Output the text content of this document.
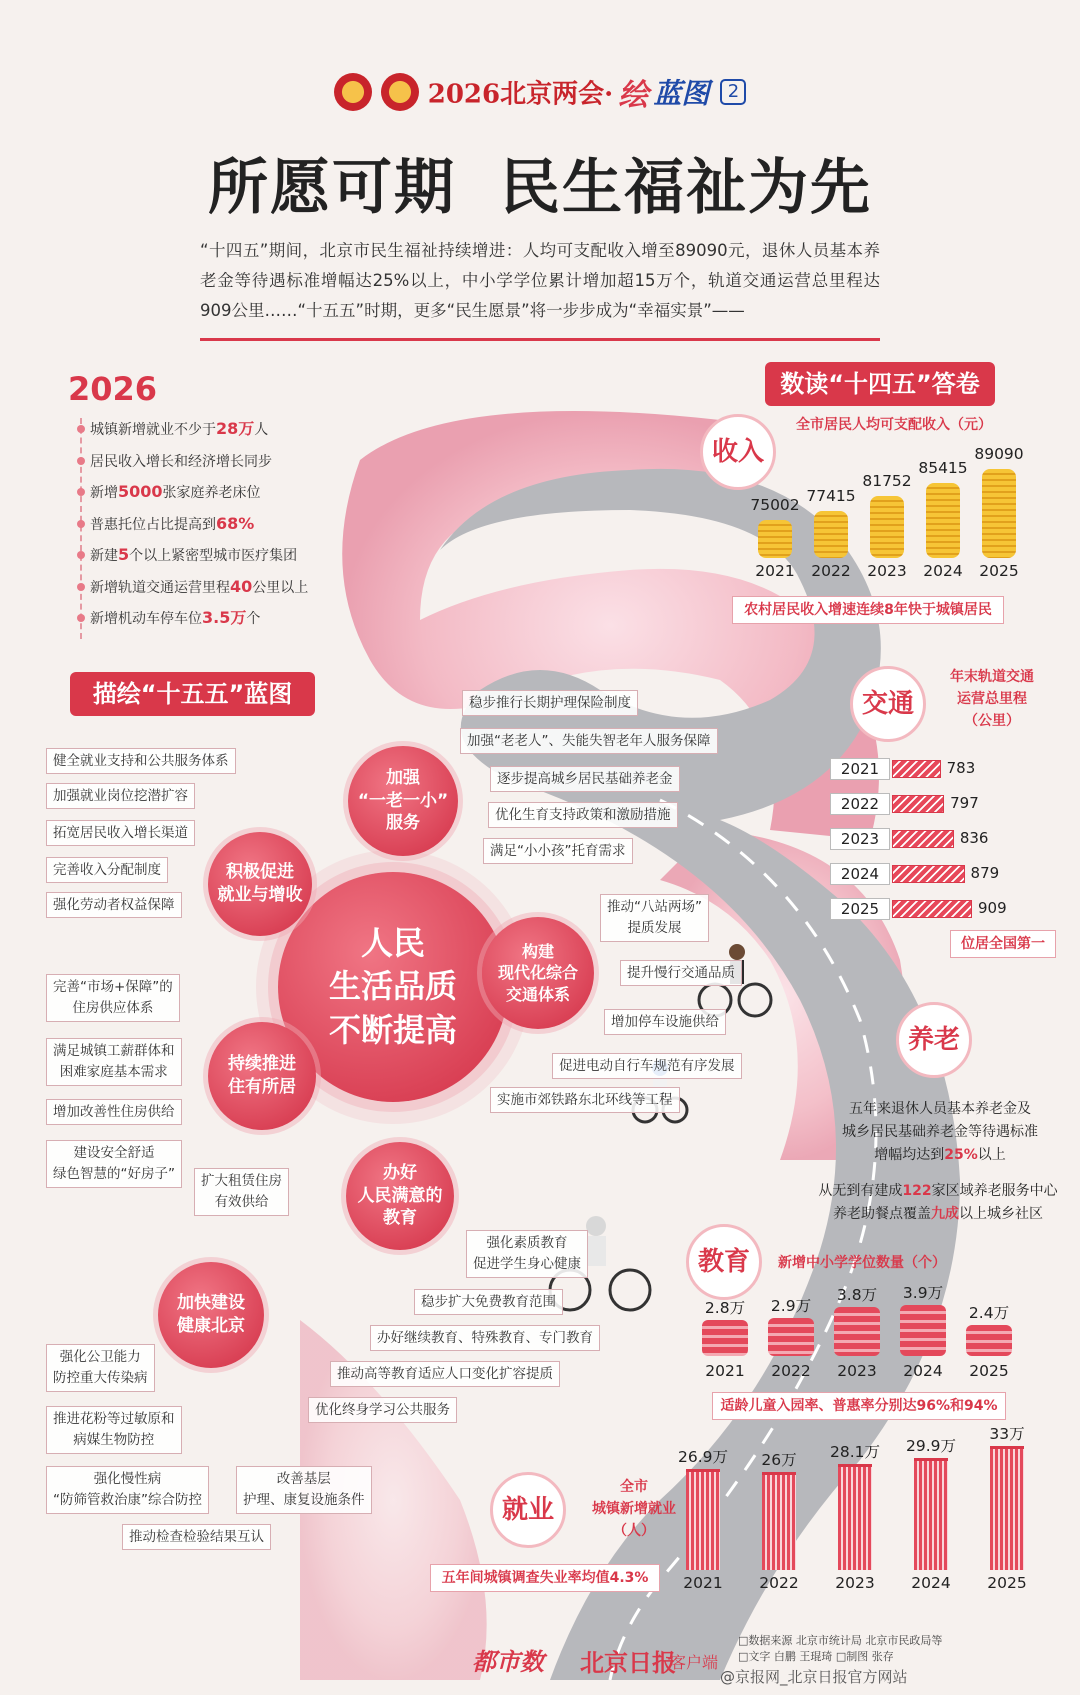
2026北京两会· 绘 蓝图 2
所愿可期 民生福祉为先
“十四五”期间，北京市民生福祉持续增进：人均可支配收入增至89090元，退休人员基本养老金等待遇标准增幅达25%以上，中小学学位累计增加超15万个，轨道交通运营总里程达909公里……“十五五”时期，更多“民生愿景”将一步步成为“幸福实景”——
2026
城镇新增就业不少于28万人
居民收入增长和经济增长同步
新增5000张家庭养老床位
普惠托位占比提高到68%
新建5个以上紧密型城市医疗集团
新增轨道交通运营里程40公里以上
新增机动车停车位3.5万个
描绘“十五五”蓝图
数读“十四五”答卷
人民
生活品质
不断提高
加强
“一老一小”
服务
积极促进
就业与增收
构建
现代化综合
交通体系
持续推进
住有所居
办好
人民满意的
教育
加快建设
健康北京
稳步推行长期护理保险制度
加强“老老人”、失能失智老年人服务保障
逐步提高城乡居民基础养老金
优化生育支持政策和激励措施
满足“小小孩”托育需求
健全就业支持和公共服务体系
加强就业岗位挖潜扩容
拓宽居民收入增长渠道
完善收入分配制度
强化劳动者权益保障	推动“八站两场”
提质发展
提升慢行交通品质
增加停车设施供给
促进电动自行车规范有序发展
实施市郊铁路东北环线等工程
完善“市场+保障”的
住房供应体系
满足城镇工薪群体和
困难家庭基本需求
增加改善性住房供给
建设安全舒适
绿色智慧的“好房子”	扩大租赁住房
有效供给
强化素质教育
促进学生身心健康
稳步扩大免费教育范围
办好继续教育、特殊教育、专门教育
推动高等教育适应人口变化扩容提质
优化终身学习公共服务
强化公卫能力
防控重大传染病
推进花粉等过敏原和
病媒生物防控
强化慢性病
“防筛管救治康”综合防控
改善基层
护理、康复设施条件
推动检查检验结果互认
收入
全市居民人均可支配收入（元）
75002
2021
77415
2022
81752
2023
85415
2024
89090
2025
农村居民收入增速连续8年快于城镇居民
交通
年末轨道交通
运营总里程
（公里）
2021	783
2022	797
2023	836
2024	879
2025	909
位居全国第一
养老
五年来退休人员基本养老金及
城乡居民基础养老金等待遇标准
增幅均达到25%以上
从无到有建成122家区域养老服务中心
养老助餐点覆盖九成以上城乡社区
教育	新增中小学学位数量（个）
2.8万
2021
2.9万
2022
3.8万
2023
3.9万
2024
2.4万
2025
适龄儿童入园率、普惠率分别达96%和94%
就业
全市
城镇新增就业
（人）
26.9万
2021
26万
2022
28.1万
2023
29.9万
2024
33万
2025
五年间城镇调查失业率均值4.3%
都市数 北京日报
客户端
□数据来源 北京市统计局 北京市民政局等
□文字 白鹏 王琨琦 □制图 张存
@京报网_北京日报官方网站
